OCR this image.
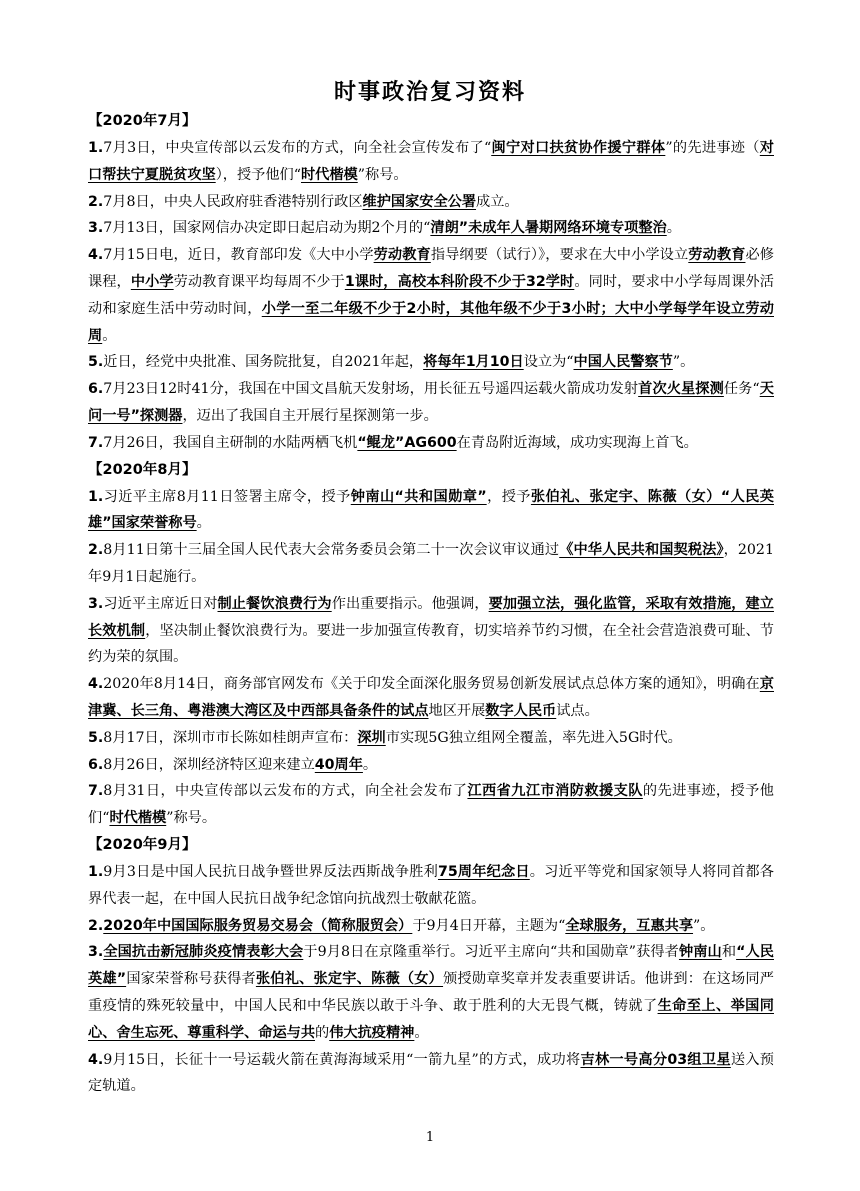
时事政治复习资料
【2020年7月】

1.7月3日，中央宣传部以云发布的方式，向全社会宣传发布了“闽宁对口扶贫协作援宁群体”的先进事迹（对口帮扶宁夏脱贫攻坚），授予他们“时代楷模”称号。

2.7月8日，中央人民政府驻香港特别行政区维护国家安全公署成立。

3.7月13日，国家网信办决定即日起启动为期2个月的“清朗”未成年人暑期网络环境专项整治。

4.7月15日电，近日，教育部印发《大中小学劳动教育指导纲要（试行）》，要求在大中小学设立劳动教育必修课程，中小学劳动教育课平均每周不少于1课时，高校本科阶段不少于32学时。同时，要求中小学每周课外活动和家庭生活中劳动时间，小学一至二年级不少于2小时，其他年级不少于3小时；大中小学每学年设立劳动周。

5.近日，经党中央批准、国务院批复，自2021年起，将每年1月10日设立为“中国人民警察节”。

6.7月23日12时41分，我国在中国文昌航天发射场，用长征五号遥四运载火箭成功发射首次火星探测任务“天问一号”探测器，迈出了我国自主开展行星探测第一步。

7.7月26日，我国自主研制的水陆两栖飞机“鲲龙”AG600在青岛附近海域，成功实现海上首飞。

【2020年8月】

1.习近平主席8月11日签署主席令，授予钟南山“共和国勋章”，授予张伯礼、张定宇、陈薇（女）“人民英雄”国家荣誉称号。

2.8月11日第十三届全国人民代表大会常务委员会第二十一次会议审议通过《中华人民共和国契税法》，2021年9月1日起施行。

3.习近平主席近日对制止餐饮浪费行为作出重要指示。他强调，要加强立法，强化监管，采取有效措施，建立长效机制，坚决制止餐饮浪费行为。要进一步加强宣传教育，切实培养节约习惯，在全社会营造浪费可耻、节约为荣的氛围。

4.2020年8月14日，商务部官网发布《关于印发全面深化服务贸易创新发展试点总体方案的通知》，明确在京津冀、长三角、粤港澳大湾区及中西部具备条件的试点地区开展数字人民币试点。

5.8月17日，深圳市市长陈如桂朗声宣布：深圳市实现5G独立组网全覆盖，率先进入5G时代。

6.8月26日，深圳经济特区迎来建立40周年。

7.8月31日，中央宣传部以云发布的方式，向全社会发布了江西省九江市消防救援支队的先进事迹，授予他们“时代楷模”称号。

【2020年9月】

1.9月3日是中国人民抗日战争暨世界反法西斯战争胜利75周年纪念日。习近平等党和国家领导人将同首都各界代表一起，在中国人民抗日战争纪念馆向抗战烈士敬献花篮。

2.2020年中国国际服务贸易交易会（简称服贸会）于9月4日开幕，主题为“全球服务，互惠共享”。

3.全国抗击新冠肺炎疫情表彰大会于9月8日在京隆重举行。习近平主席向“共和国勋章”获得者钟南山和“人民英雄”国家荣誉称号获得者张伯礼、张定宇、陈薇（女）颁授勋章奖章并发表重要讲话。他讲到：在这场同严重疫情的殊死较量中，中国人民和中华民族以敢于斗争、敢于胜利的大无畏气概，铸就了生命至上、举国同心、舍生忘死、尊重科学、命运与共的伟大抗疫精神。

4.9月15日，长征十一号运载火箭在黄海海域采用“一箭九星”的方式，成功将吉林一号高分03组卫星送入预定轨道。

1
